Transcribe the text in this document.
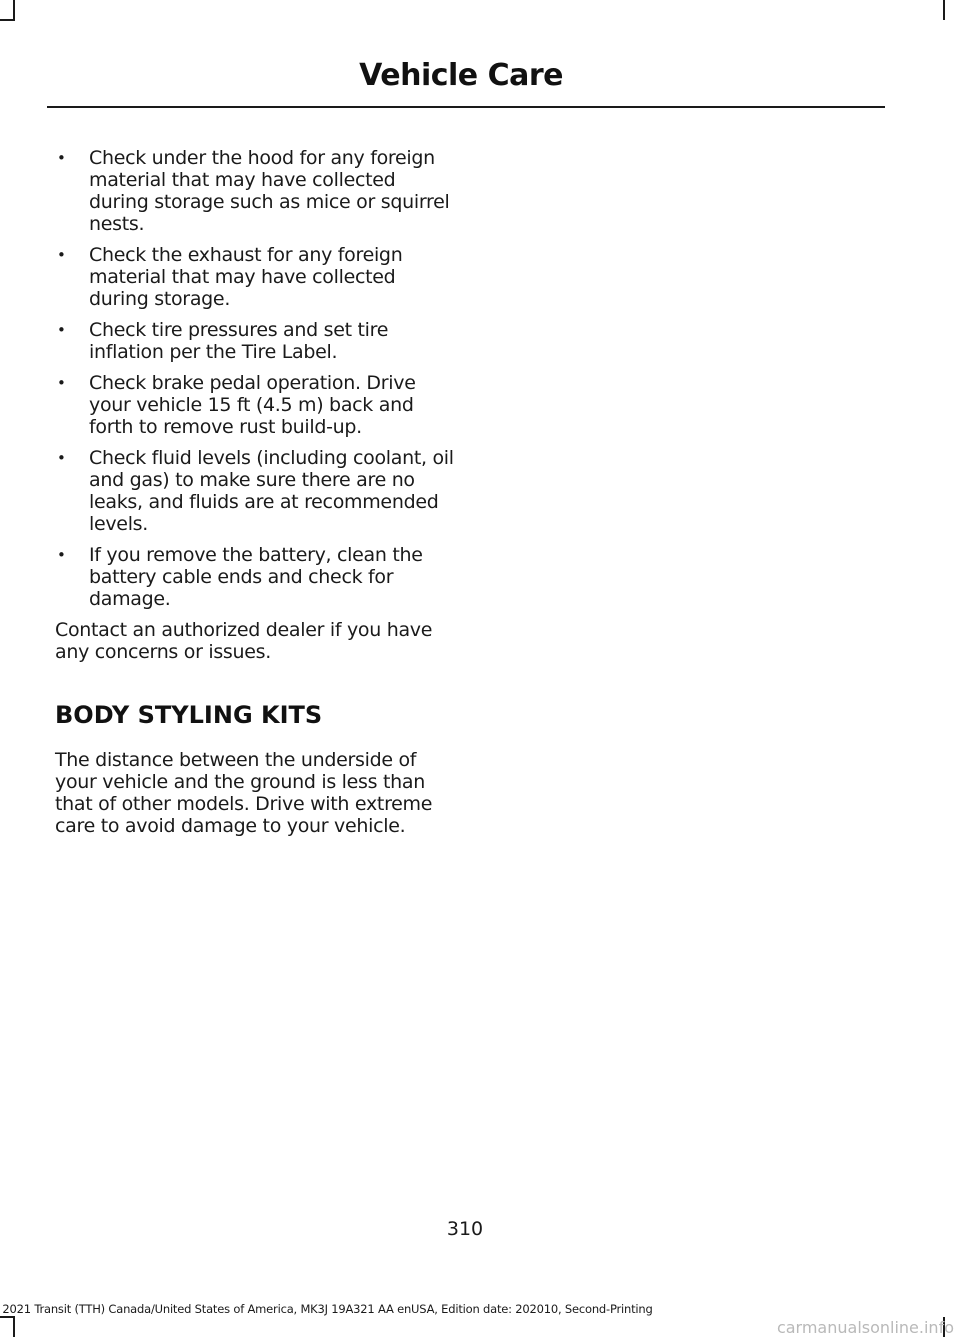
Vehicle Care
• Check under the hood for any foreign material that may have collected during storage such as mice or squirrel nests.
• Check the exhaust for any foreign material that may have collected during storage.
• Check tire pressures and set tire inflation per the Tire Label.
• Check brake pedal operation. Drive your vehicle 15 ft (4.5 m) back and forth to remove rust build-up.
• Check fluid levels (including coolant, oil and gas) to make sure there are no leaks, and fluids are at recommended levels.
• If you remove the battery, clean the battery cable ends and check for damage.

Contact an authorized dealer if you have any concerns or issues.

BODY STYLING KITS

The distance between the underside of your vehicle and the ground is less than that of other models. Drive with extreme care to avoid damage to your vehicle.

310
2021 Transit (TTH) Canada/United States of America, MK3J 19A321 AA enUSA, Edition date: 202010, Second-Printing
carmanualsonline.info
